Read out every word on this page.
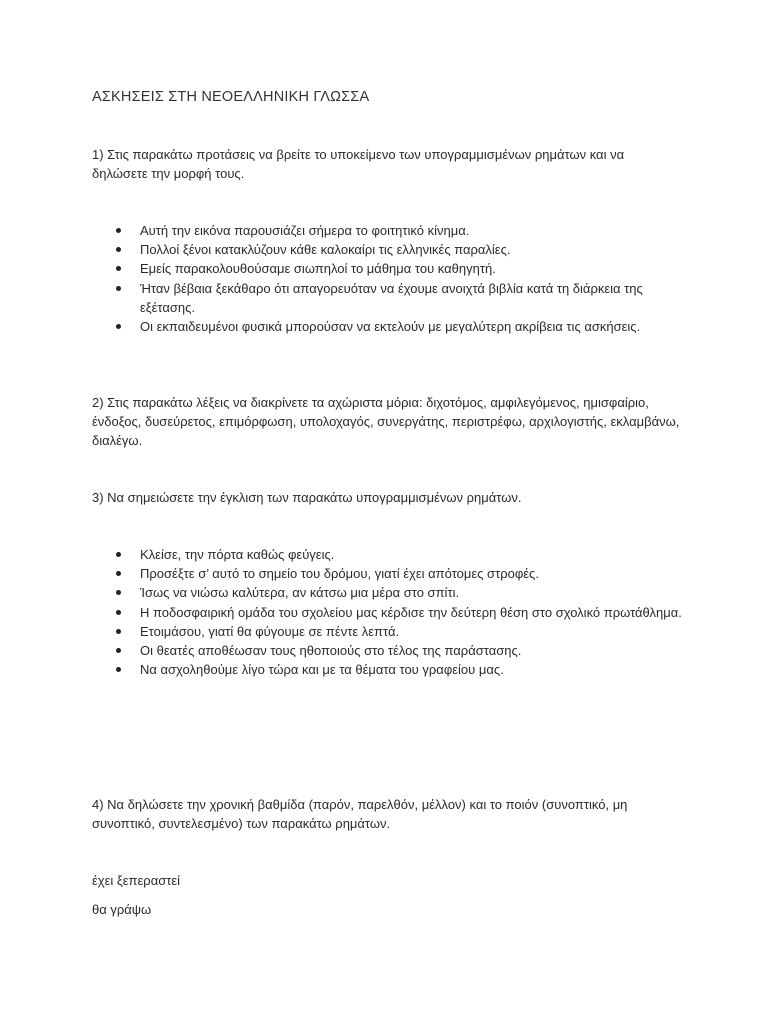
ΑΣΚΗΣΕΙΣ ΣΤΗ ΝΕΟΕΛΛΗΝΙΚΗ ΓΛΩΣΣΑ
1) Στις παρακάτω προτάσεις να βρείτε το υποκείμενο των υπογραμμισμένων ρημάτων και να δηλώσετε την μορφή τους.
Αυτή την εικόνα παρουσιάζει σήμερα το φοιτητικό κίνημα.
Πολλοί ξένοι κατακλύζουν κάθε καλοκαίρι τις ελληνικές παραλίες.
Εμείς παρακολουθούσαμε σιωπηλοί το μάθημα του καθηγητή.
Ήταν βέβαια ξεκάθαρο ότι απαγορευόταν να έχουμε ανοιχτά βιβλία κατά τη διάρκεια της εξέτασης.
Οι εκπαιδευμένοι φυσικά μπορούσαν να εκτελούν με μεγαλύτερη ακρίβεια τις ασκήσεις.
2) Στις παρακάτω λέξεις να διακρίνετε τα αχώριστα μόρια: διχοτόμος, αμφιλεγόμενος, ημισφαίριο, ένδοξος, δυσεύρετος, επιμόρφωση, υπολοχαγός, συνεργάτης, περιστρέφω, αρχιλογιστής, εκλαμβάνω, διαλέγω.
3) Να σημειώσετε την έγκλιση των παρακάτω υπογραμμισμένων ρημάτων.
Κλείσε, την πόρτα καθώς φεύγεις.
Προσέξτε σ’ αυτό το σημείο του δρόμου, γιατί έχει απότομες στροφές.
Ίσως να νιώσω καλύτερα, αν κάτσω μια μέρα στο σπίτι.
Η ποδοσφαιρική ομάδα του σχολείου μας κέρδισε την δεύτερη θέση στο σχολικό πρωτάθλημα.
Ετοιμάσου, γιατί θα φύγουμε σε πέντε λεπτά.
Οι θεατές αποθέωσαν τους ηθοποιούς στο τέλος της παράστασης.
Να ασχοληθούμε λίγο τώρα και με τα θέματα του γραφείου μας.
4) Να δηλώσετε την χρονική βαθμίδα (παρόν, παρελθόν, μέλλον) και το ποιόν (συνοπτικό, μη συνοπτικό, συντελεσμένο) των παρακάτω ρημάτων.
έχει ξεπεραστεί
θα γράψω
